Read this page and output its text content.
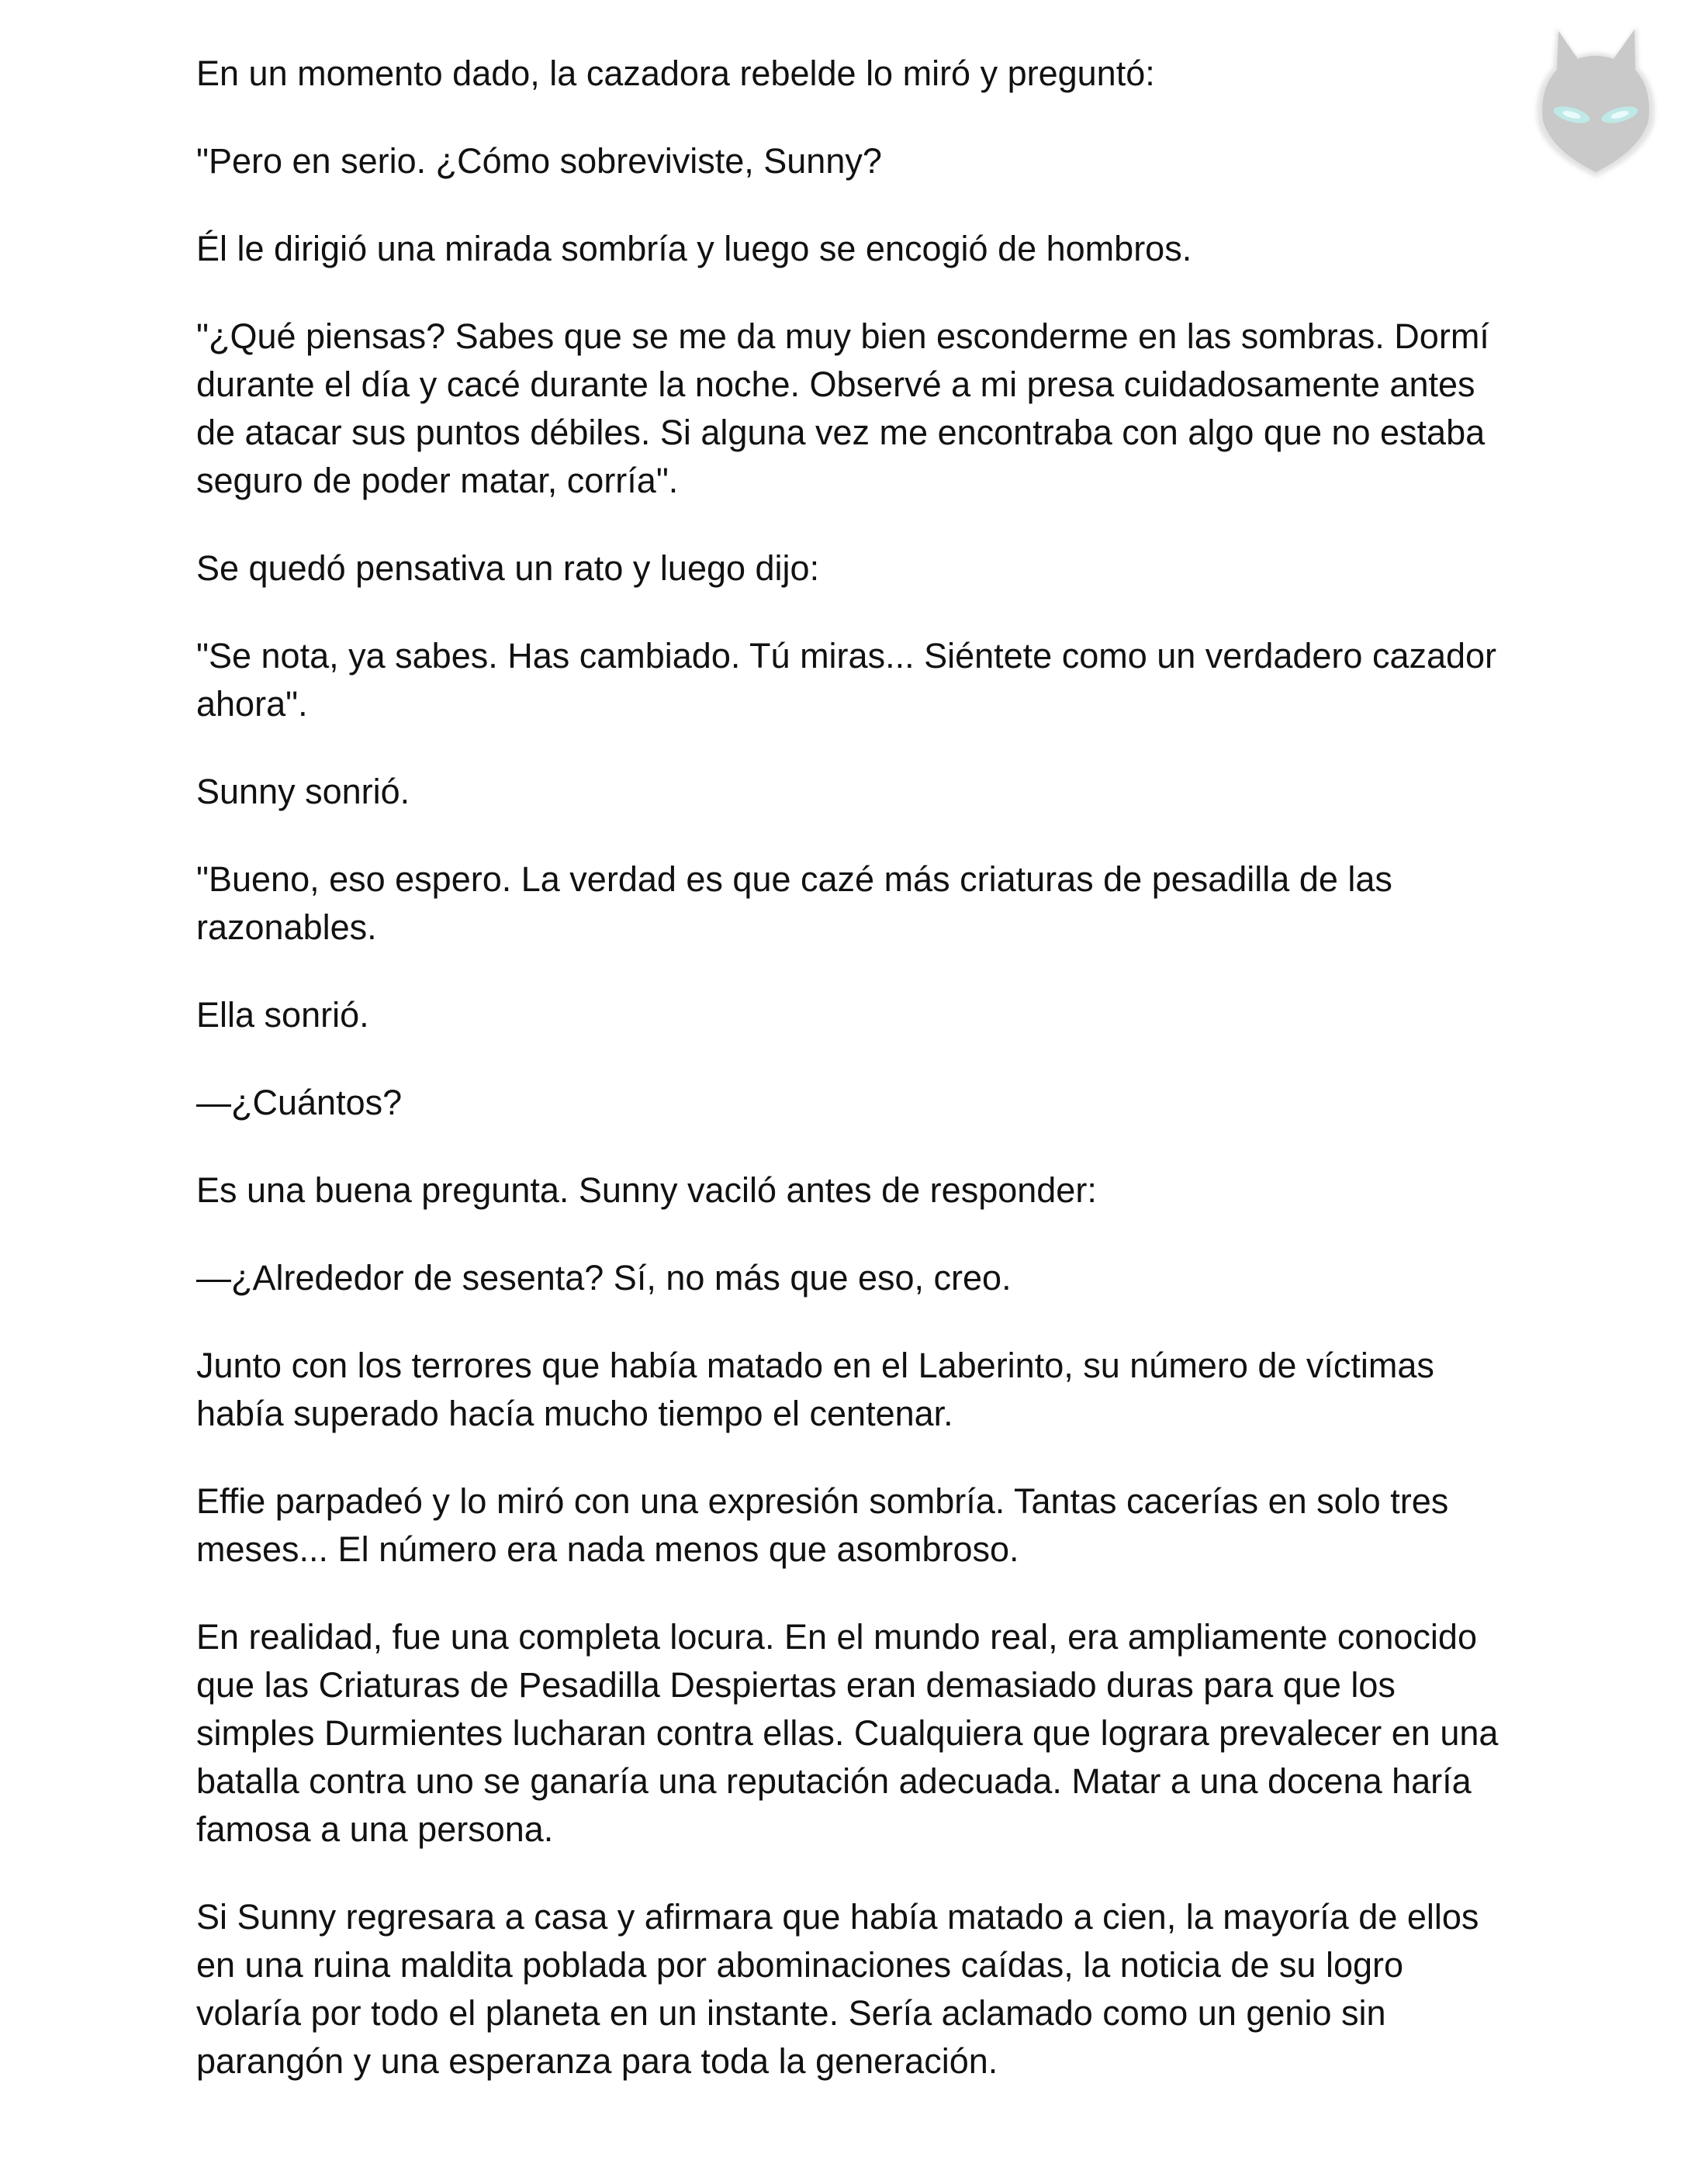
En un momento dado, la cazadora rebelde lo miró y preguntó:

"Pero en serio. ¿Cómo sobreviviste, Sunny?

Él le dirigió una mirada sombría y luego se encogió de hombros.

"¿Qué piensas? Sabes que se me da muy bien esconderme en las sombras. Dormí durante el día y cacé durante la noche. Observé a mi presa cuidadosamente antes de atacar sus puntos débiles. Si alguna vez me encontraba con algo que no estaba seguro de poder matar, corría".

Se quedó pensativa un rato y luego dijo:

"Se nota, ya sabes. Has cambiado. Tú miras... Siéntete como un verdadero cazador ahora".

Sunny sonrió.

"Bueno, eso espero. La verdad es que cazé más criaturas de pesadilla de las razonables.

Ella sonrió.

—¿Cuántos?

Es una buena pregunta. Sunny vaciló antes de responder:

—¿Alrededor de sesenta? Sí, no más que eso, creo.

Junto con los terrores que había matado en el Laberinto, su número de víctimas había superado hacía mucho tiempo el centenar.

Effie parpadeó y lo miró con una expresión sombría. Tantas cacerías en solo tres meses... El número era nada menos que asombroso.

En realidad, fue una completa locura. En el mundo real, era ampliamente conocido que las Criaturas de Pesadilla Despiertas eran demasiado duras para que los simples Durmientes lucharan contra ellas. Cualquiera que lograra prevalecer en una batalla contra uno se ganaría una reputación adecuada. Matar a una docena haría famosa a una persona.

Si Sunny regresara a casa y afirmara que había matado a cien, la mayoría de ellos en una ruina maldita poblada por abominaciones caídas, la noticia de su logro volaría por todo el planeta en un instante. Sería aclamado como un genio sin parangón y una esperanza para toda la generación.
